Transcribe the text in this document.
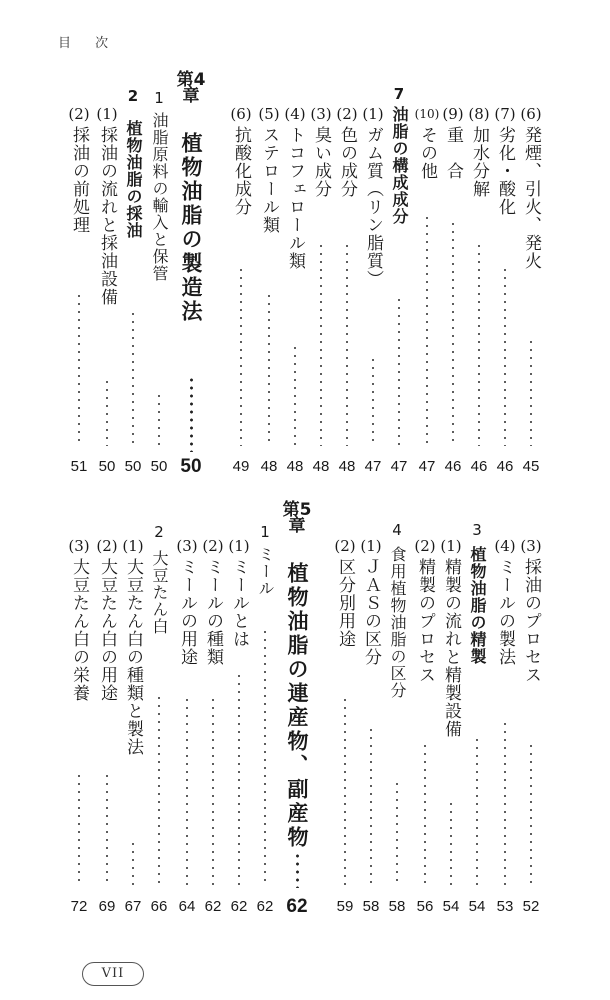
目 次
(6)
発煙、引火、発火
45
(7)
劣化・酸化
46
(8)
加水分解
46
(9)
重　合
46
(10)
その他
47
7
油脂の構成成分
47
(1)
ガム質（リン脂質）
47
(2)
色の成分
48
(3)
臭い成分
48
(4)
トコフェロール類
48
(5)
ステロール類
48
(6)
抗酸化成分
49
第4章
植物油脂の製造法
50
1
油脂原料の輸入と保管
50
2
植物油脂の採油
50
(1)
採油の流れと採油設備
50
(2)
採油の前処理
51
(3)
採油のプロセス
52
(4)
ミールの製法
53
3
植物油脂の精製
54
(1)
精製の流れと精製設備
54
(2)
精製のプロセス
56
4
食用植物油脂の区分
58
(1)
ＪＡＳの区分
58
(2)
区分別用途
59
第5章
植物油脂の連産物、副産物
62
1
ミール
62
(1)
ミールとは
62
(2)
ミールの種類
62
(3)
ミールの用途
64
2
大豆たん白
66
(1)
大豆たん白の種類と製法
67
(2)
大豆たん白の用途
69
(3)
大豆たん白の栄養
72
VII
